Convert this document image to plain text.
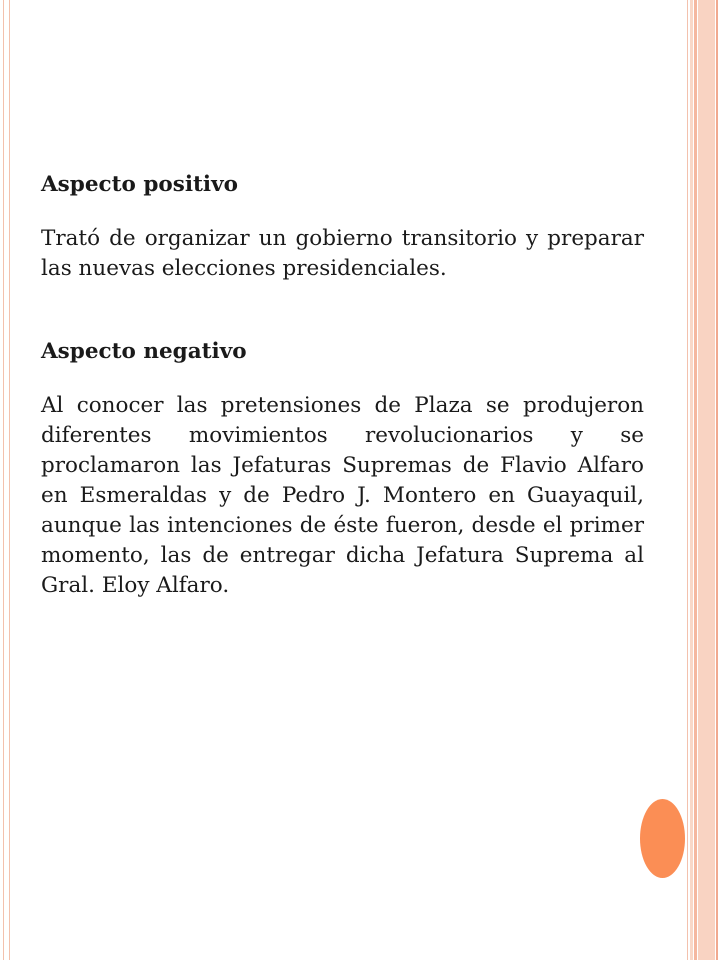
Aspecto positivo

Trató de organizar un gobierno transitorio y preparar las nuevas elecciones presidenciales.

Aspecto negativo

Al conocer las pretensiones de Plaza se produjeron diferentes movimientos revolucionarios y se proclamaron las Jefaturas Supremas de Flavio Alfaro en Esmeraldas y de Pedro J. Montero en Guayaquil, aunque las intenciones de éste fueron, desde el primer momento, las de entregar dicha Jefatura Suprema al Gral. Eloy Alfaro.
